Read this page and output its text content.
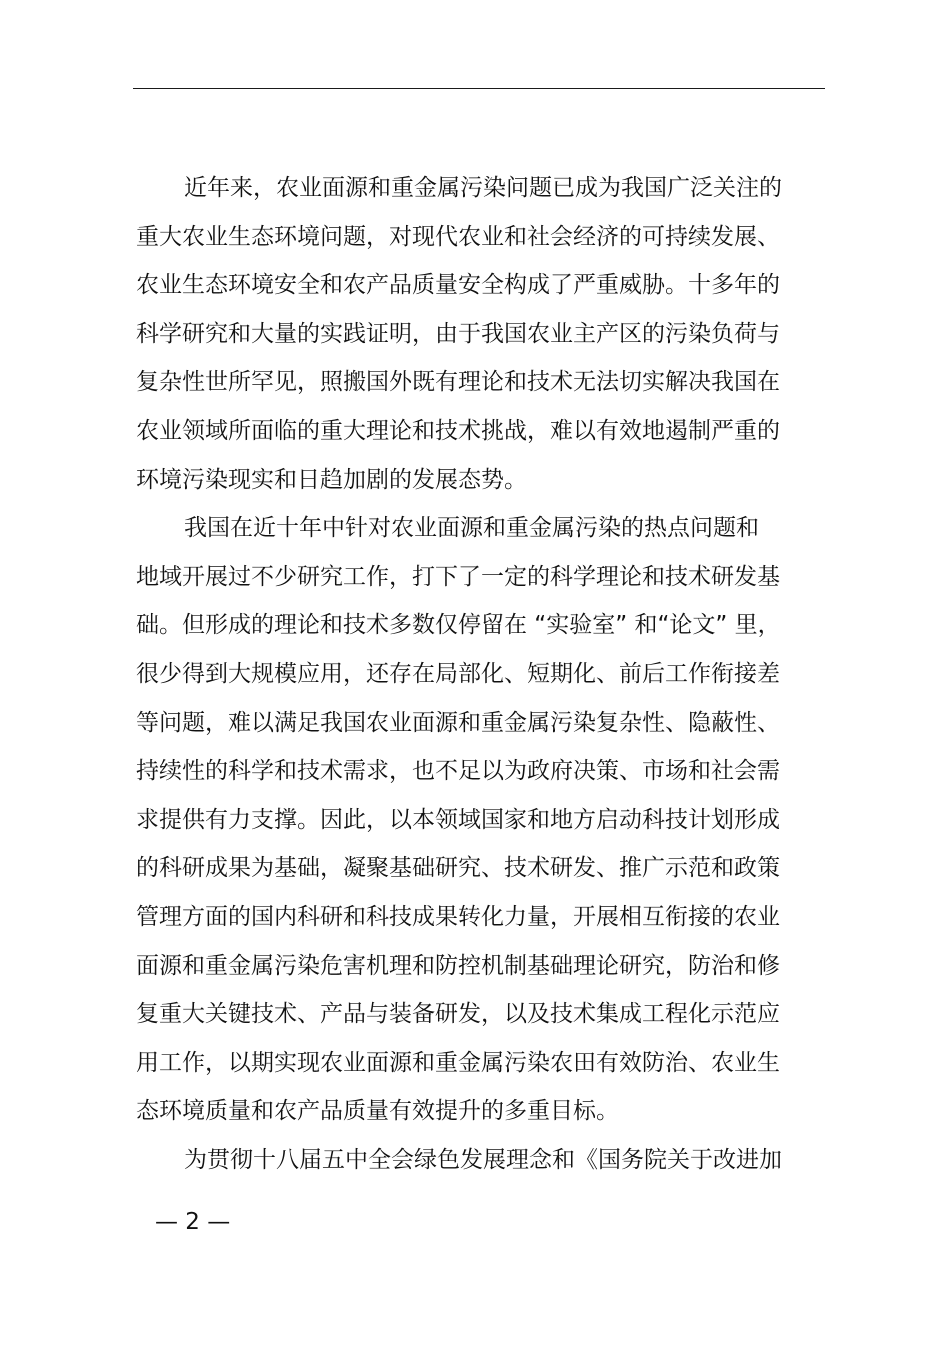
近年来，农业面源和重金属污染问题已成为我国广泛关注的
重大农业生态环境问题，对现代农业和社会经济的可持续发展、
农业生态环境安全和农产品质量安全构成了严重威胁。十多年的
科学研究和大量的实践证明，由于我国农业主产区的污染负荷与
复杂性世所罕见，照搬国外既有理论和技术无法切实解决我国在
农业领域所面临的重大理论和技术挑战，难以有效地遏制严重的
环境污染现实和日趋加剧的发展态势。
我国在近十年中针对农业面源和重金属污染的热点问题和
地域开展过不少研究工作，打下了一定的科学理论和技术研发基
础。但形成的理论和技术多数仅停留在 “实验室” 和“论文” 里，
很少得到大规模应用，还存在局部化、短期化、前后工作衔接差
等问题，难以满足我国农业面源和重金属污染复杂性、隐蔽性、
持续性的科学和技术需求，也不足以为政府决策、市场和社会需
求提供有力支撑。因此，以本领域国家和地方启动科技计划形成
的科研成果为基础，凝聚基础研究、技术研发、推广示范和政策
管理方面的国内科研和科技成果转化力量，开展相互衔接的农业
面源和重金属污染危害机理和防控机制基础理论研究，防治和修
复重大关键技术、产品与装备研发，以及技术集成工程化示范应
用工作，以期实现农业面源和重金属污染农田有效防治、农业生
态环境质量和农产品质量有效提升的多重目标。
为贯彻十八届五中全会绿色发展理念和《国务院关于改进加
— 2 —
